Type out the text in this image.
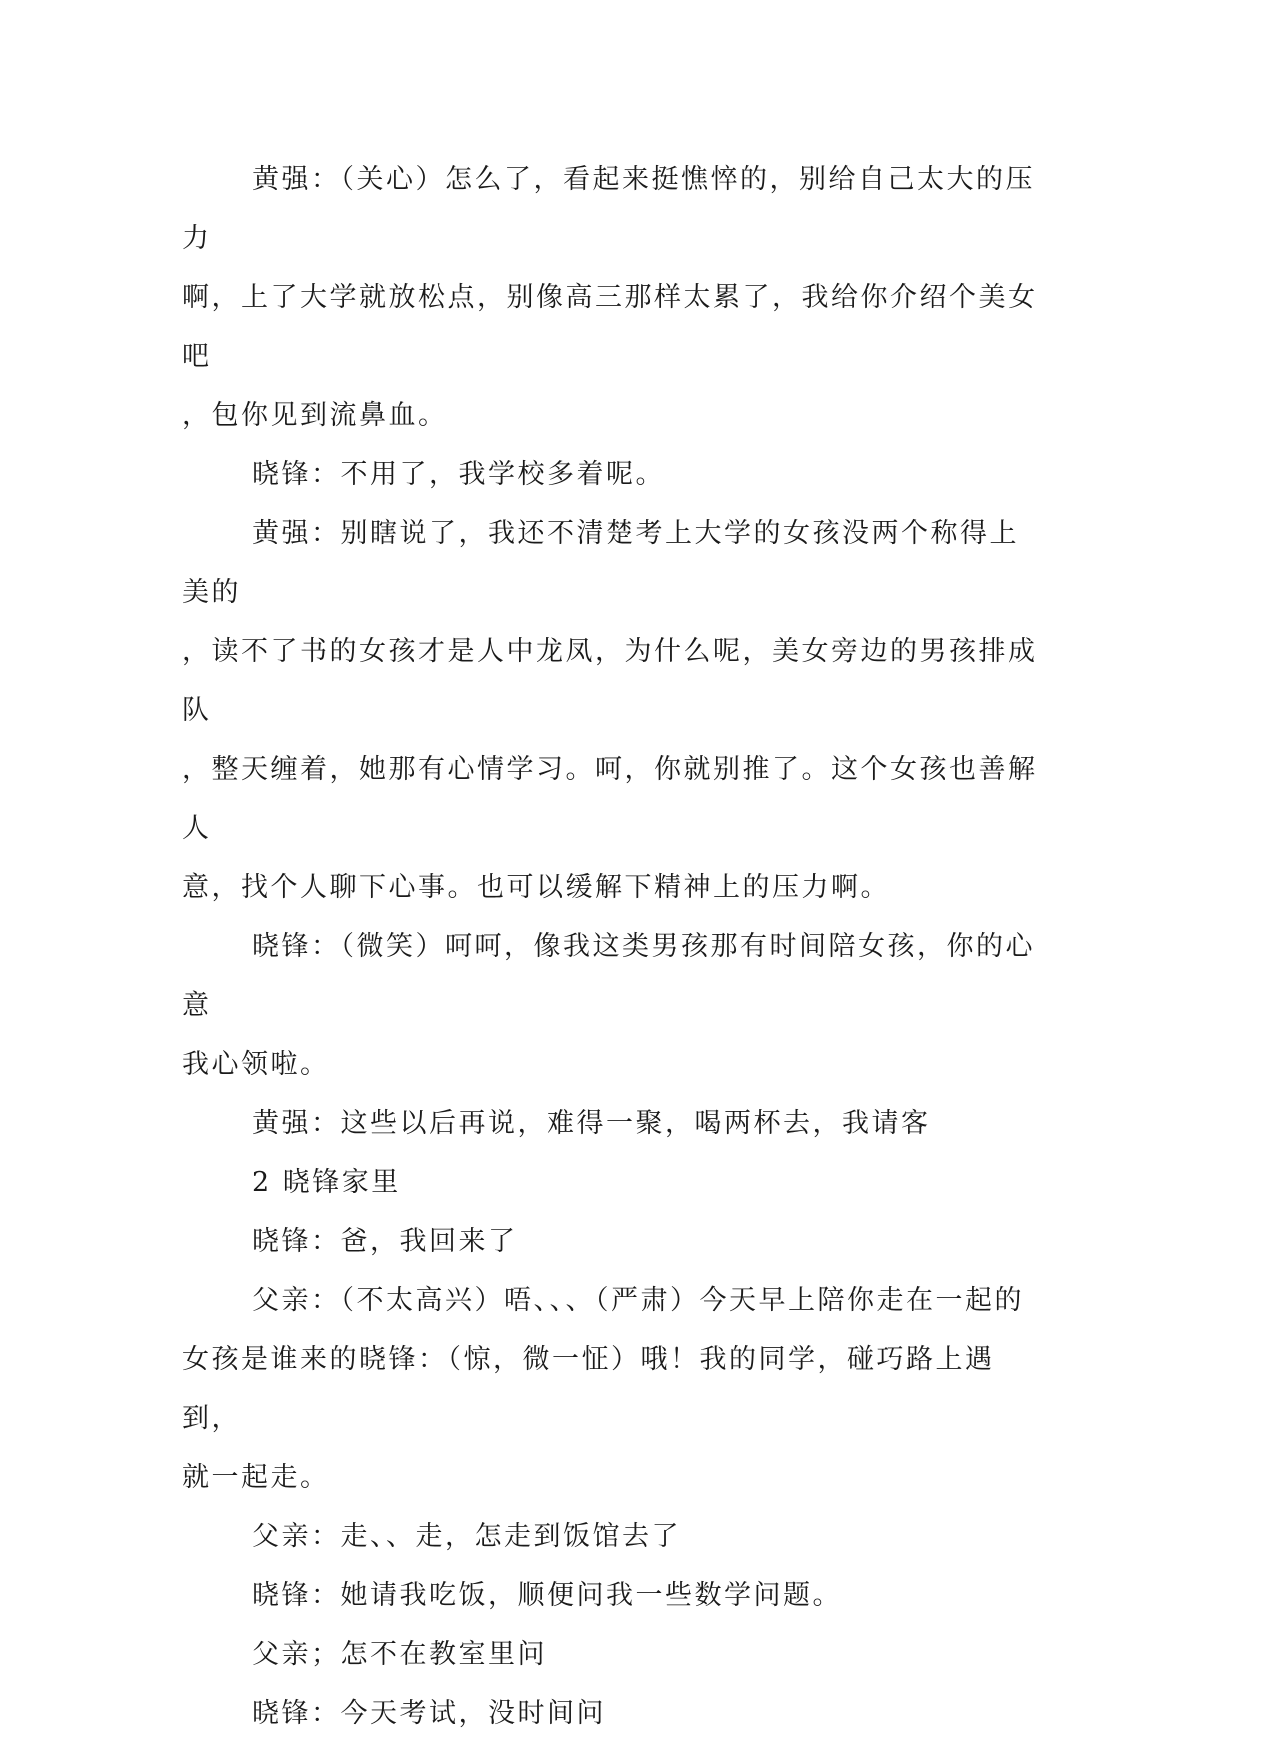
黄强：（关心）怎么了，看起来挺憔悴的，别给自己太大的压力
啊，上了大学就放松点，别像高三那样太累了，我给你介绍个美女吧
，包你见到流鼻血。

晓锋：不用了，我学校多着呢。

黄强：别瞎说了，我还不清楚考上大学的女孩没两个称得上美的
，读不了书的女孩才是人中龙凤，为什么呢，美女旁边的男孩排成队
，整天缠着，她那有心情学习。呵，你就别推了。这个女孩也善解人
意，找个人聊下心事。也可以缓解下精神上的压力啊。

晓锋：（微笑）呵呵，像我这类男孩那有时间陪女孩，你的心意
我心领啦。

黄强：这些以后再说，难得一聚，喝两杯去，我请客

2 晓锋家里

晓锋：爸，我回来了

父亲：（不太高兴）唔、、、（严肃）今天早上陪你走在一起的
女孩是谁来的晓锋：（惊，微一怔）哦！我的同学，碰巧路上遇到，
就一起走。

父亲：走、、走，怎走到饭馆去了

晓锋：她请我吃饭，顺便问我一些数学问题。

父亲；怎不在教室里问

晓锋：今天考试，没时间问
